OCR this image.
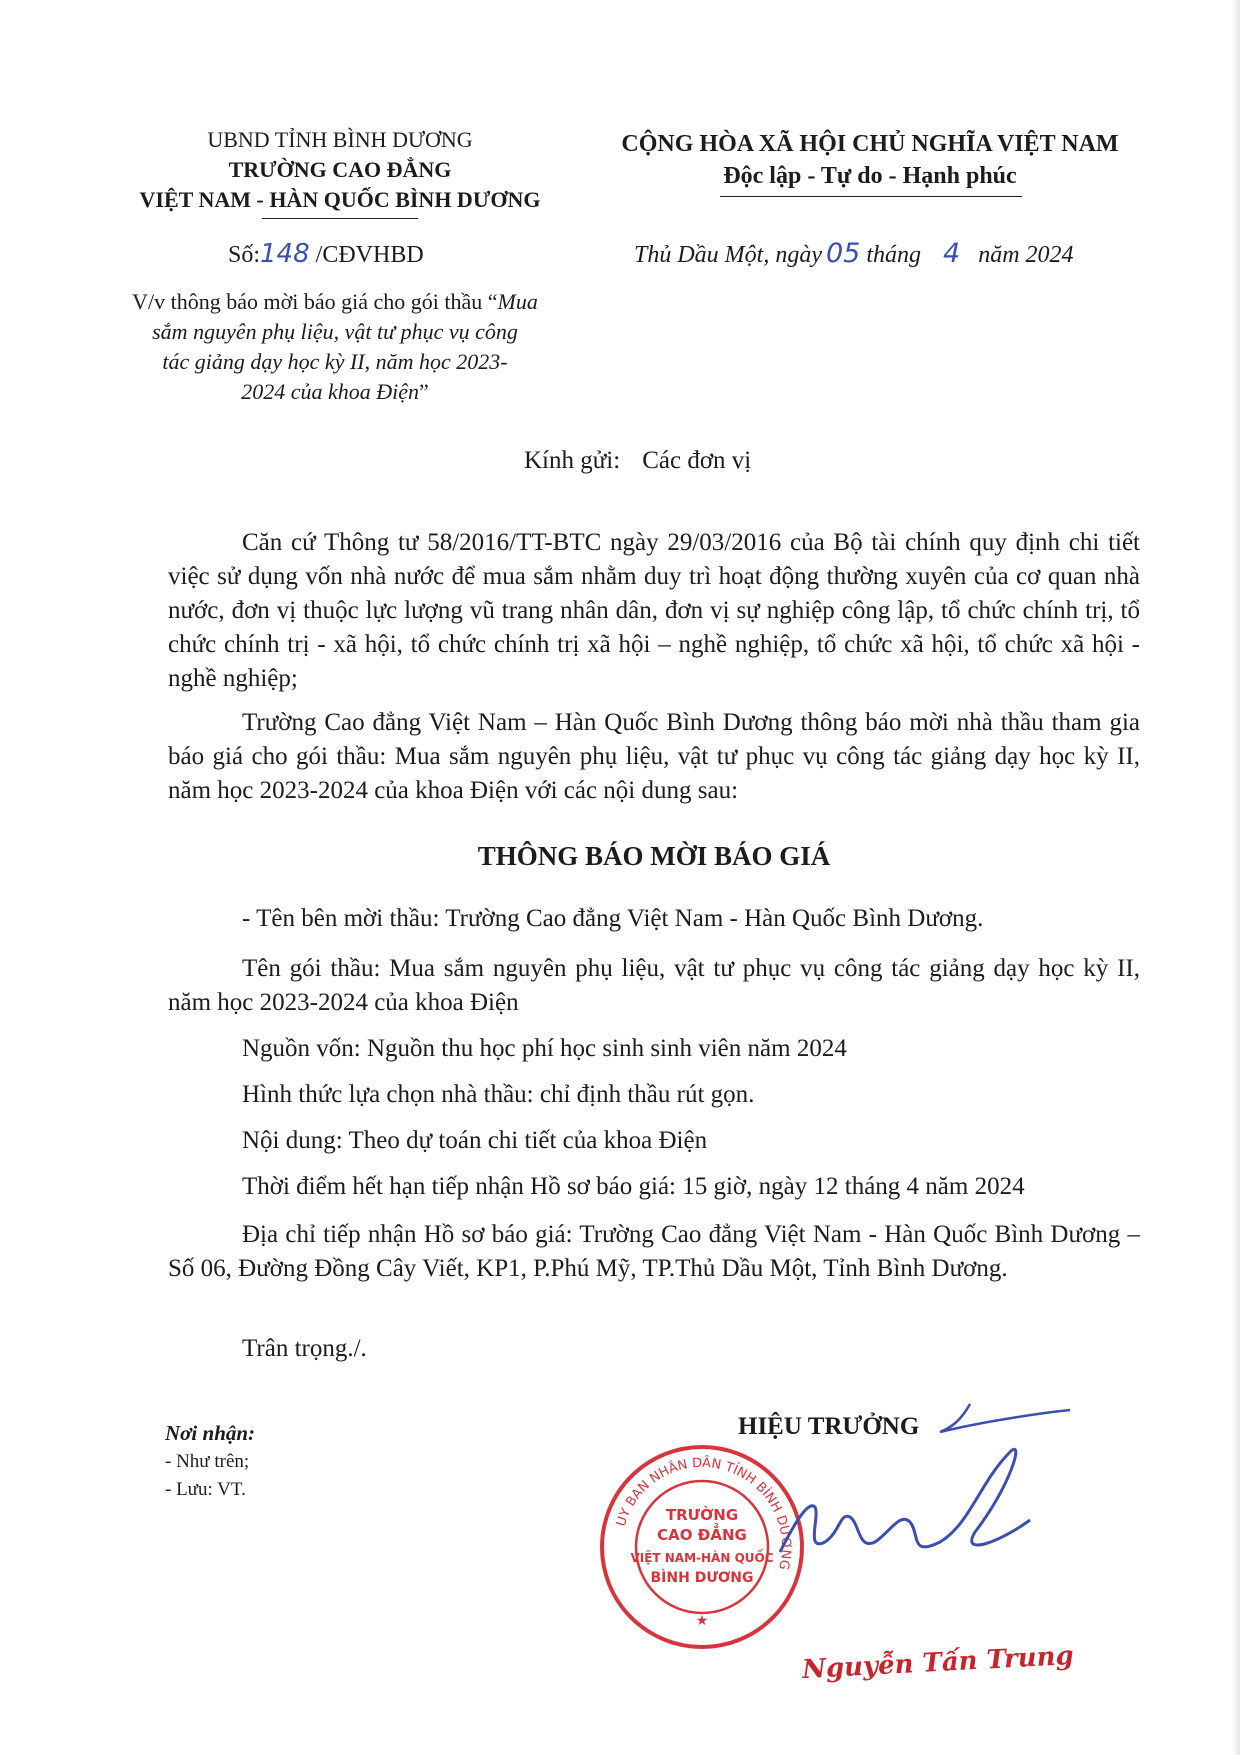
UBND TỈNH BÌNH DƯƠNG
TRƯỜNG CAO ĐẲNG
VIỆT NAM - HÀN QUỐC BÌNH DƯƠNG
Số:148 /CĐVHBD
V/v thông báo mời báo giá cho gói thầu “Mua
sắm nguyên phụ liệu, vật tư phục vụ công
tác giảng dạy học kỳ II, năm học 2023-
2024 của khoa Điện”
CỘNG HÒA XÃ HỘI CHỦ NGHĨA VIỆT NAM
Độc lập - Tự do - Hạnh phúc
Thủ Dầu Một, ngày 05 tháng 4 năm 2024
Kính gửi: Các đơn vị
Căn cứ Thông tư 58/2016/TT-BTC ngày 29/03/2016 của Bộ tài chính quy định chi tiết việc sử dụng vốn nhà nước để mua sắm nhằm duy trì hoạt động thường xuyên của cơ quan nhà nước, đơn vị thuộc lực lượng vũ trang nhân dân, đơn vị sự nghiệp công lập, tổ chức chính trị, tổ chức chính trị - xã hội, tổ chức chính trị xã hội – nghề nghiệp, tổ chức xã hội, tổ chức xã hội - nghề nghiệp;
Trường Cao đẳng Việt Nam – Hàn Quốc Bình Dương thông báo mời nhà thầu tham gia báo giá cho gói thầu: Mua sắm nguyên phụ liệu, vật tư phục vụ công tác giảng dạy học kỳ II, năm học 2023-2024 của khoa Điện với các nội dung sau:
THÔNG BÁO MỜI BÁO GIÁ
- Tên bên mời thầu: Trường Cao đẳng Việt Nam - Hàn Quốc Bình Dương.
Tên gói thầu: Mua sắm nguyên phụ liệu, vật tư phục vụ công tác giảng dạy học kỳ II, năm học 2023-2024 của khoa Điện
Nguồn vốn: Nguồn thu học phí học sinh sinh viên năm 2024
Hình thức lựa chọn nhà thầu: chỉ định thầu rút gọn.
Nội dung: Theo dự toán chi tiết của khoa Điện
Thời điểm hết hạn tiếp nhận Hồ sơ báo giá: 15 giờ, ngày 12 tháng 4 năm 2024
Địa chỉ tiếp nhận Hồ sơ báo giá: Trường Cao đẳng Việt Nam - Hàn Quốc Bình Dương – Số 06, Đường Đồng Cây Viết, KP1, P.Phú Mỹ, TP.Thủ Dầu Một, Tỉnh Bình Dương.
Trân trọng./.
Nơi nhận:
- Như trên;
- Lưu: VT.
HIỆU TRƯỞNG
UY BAN NHÂN DÂN TỈNH BÌNH DƯƠNG
TRƯỜNG
CAO ĐẲNG
VIỆT NAM-HÀN QUỐC
BÌNH DƯƠNG
★
Nguyễn Tấn Trung
